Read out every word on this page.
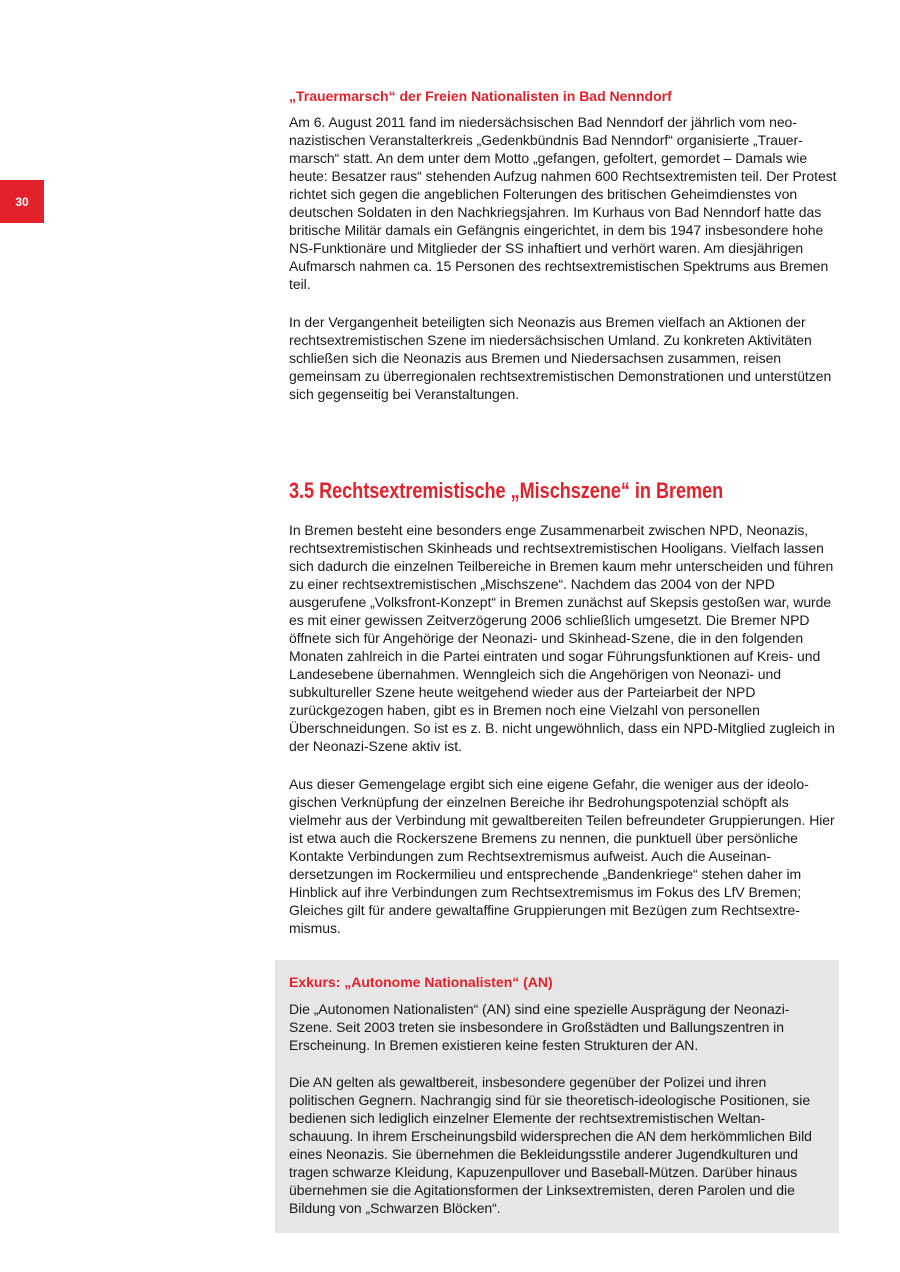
30
„Trauermarsch“ der Freien Nationalisten in Bad Nenndorf

Am 6. August 2011 fand im niedersächsischen Bad Nenndorf der jährlich vom neonazistischen Veranstalterkreis „Gedenkbündnis Bad Nenndorf“ organisierte „Trauermarsch“ statt. An dem unter dem Motto „gefangen, gefoltert, gemordet – Damals wie heute: Besatzer raus“ stehenden Aufzug nahmen 600 Rechtsextremisten teil. Der Protest richtet sich gegen die angeblichen Folterungen des britischen Geheimdienstes von deutschen Soldaten in den Nachkriegsjahren. Im Kurhaus von Bad Nenndorf hatte das britische Militär damals ein Gefängnis eingerichtet, in dem bis 1947 insbesondere hohe NS-Funktionäre und Mitglieder der SS inhaftiert und verhört waren. Am diesjährigen Aufmarsch nahmen ca. 15 Personen des rechtsextremistischen Spektrums aus Bremen teil.

In der Vergangenheit beteiligten sich Neonazis aus Bremen vielfach an Aktionen der rechtsextremistischen Szene im niedersächsischen Umland. Zu konkreten Aktivitäten schließen sich die Neonazis aus Bremen und Niedersachsen zusammen, reisen gemeinsam zu überregionalen rechtsextremistischen Demonstrationen und unterstützen sich gegenseitig bei Veranstaltungen.

3.5 Rechtsextremistische „Mischszene“ in Bremen

In Bremen besteht eine besonders enge Zusammenarbeit zwischen NPD, Neonazis, rechtsextremistischen Skinheads und rechtsextremistischen Hooligans. Vielfach lassen sich dadurch die einzelnen Teilbereiche in Bremen kaum mehr unterscheiden und führen zu einer rechtsextremistischen „Mischszene“. Nachdem das 2004 von der NPD ausgerufene „Volksfront-Konzept“ in Bremen zunächst auf Skepsis gestoßen war, wurde es mit einer gewissen Zeitverzögerung 2006 schließlich umgesetzt. Die Bremer NPD öffnete sich für Angehörige der Neonazi- und Skinhead-Szene, die in den folgenden Monaten zahlreich in die Partei eintraten und sogar Führungsfunktionen auf Kreis- und Landesebene übernahmen. Wenngleich sich die Angehörigen von Neonazi- und subkultureller Szene heute weitgehend wieder aus der Parteiarbeit der NPD zurückgezogen haben, gibt es in Bremen noch eine Vielzahl von personellen Überschneidungen. So ist es z. B. nicht ungewöhnlich, dass ein NPD-Mitglied zugleich in der Neonazi-Szene aktiv ist.

Aus dieser Gemengelage ergibt sich eine eigene Gefahr, die weniger aus der ideologischen Verknüpfung der einzelnen Bereiche ihr Bedrohungspotenzial schöpft als vielmehr aus der Verbindung mit gewaltbereiten Teilen befreundeter Gruppierungen. Hier ist etwa auch die Rockerszene Bremens zu nennen, die punktuell über persönliche Kontakte Verbindungen zum Rechtsextremismus aufweist. Auch die Auseinandersetzungen im Rockermilieu und entsprechende „Bandenkriege“ stehen daher im Hinblick auf ihre Verbindungen zum Rechtsextremismus im Fokus des LfV Bremen; Gleiches gilt für andere gewaltaffine Gruppierungen mit Bezügen zum Rechtsextremismus.

Exkurs: „Autonome Nationalisten“ (AN)

Die „Autonomen Nationalisten“ (AN) sind eine spezielle Ausprägung der Neonazi-Szene. Seit 2003 treten sie insbesondere in Großstädten und Ballungszentren in Erscheinung. In Bremen existieren keine festen Strukturen der AN.

Die AN gelten als gewaltbereit, insbesondere gegenüber der Polizei und ihren politischen Gegnern. Nachrangig sind für sie theoretisch-ideologische Positionen, sie bedienen sich lediglich einzelner Elemente der rechtsextremistischen Weltanschauung. In ihrem Erscheinungsbild widersprechen die AN dem herkömmlichen Bild eines Neonazis. Sie übernehmen die Bekleidungsstile anderer Jugendkulturen und tragen schwarze Kleidung, Kapuzenpullover und Baseball-Mützen. Darüber hinaus übernehmen sie die Agitationsformen der Linksextremisten, deren Parolen und die Bildung von „Schwarzen Blöcken“.
